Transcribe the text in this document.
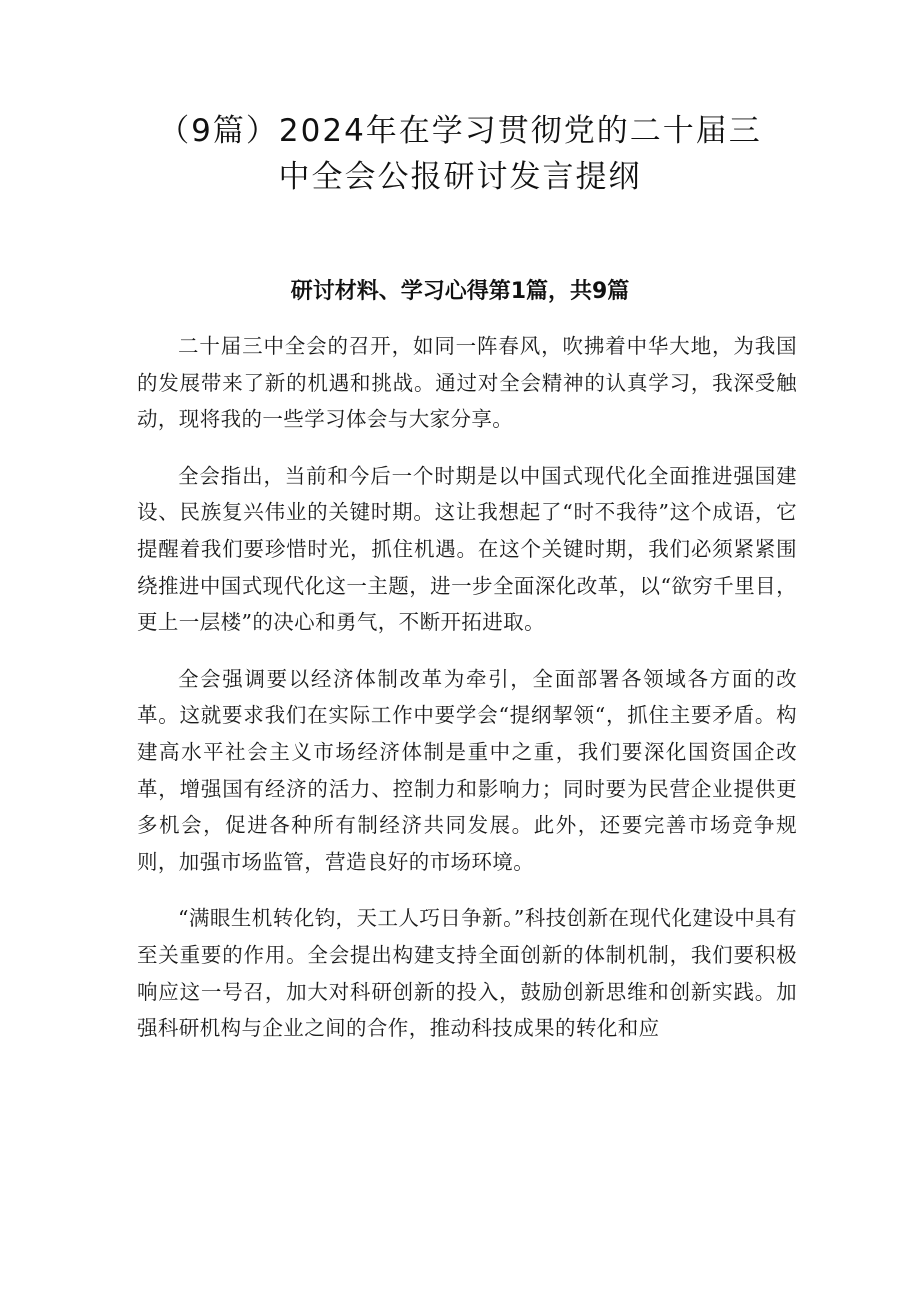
（9篇）2024年在学习贯彻党的二十届三
中全会公报研讨发言提纲
研讨材料、学习心得第1篇，共9篇

二十届三中全会的召开，如同一阵春风，吹拂着中华大地，为我国的发展带来了新的机遇和挑战。通过对全会精神的认真学习，我深受触动，现将我的一些学习体会与大家分享。

全会指出，当前和今后一个时期是以中国式现代化全面推进强国建设、民族复兴伟业的关键时期。这让我想起了“时不我待”这个成语，它提醒着我们要珍惜时光，抓住机遇。在这个关键时期，我们必须紧紧围绕推进中国式现代化这一主题，进一步全面深化改革，以“欲穷千里目，更上一层楼”的决心和勇气，不断开拓进取。

全会强调要以经济体制改革为牵引，全面部署各领域各方面的改革。这就要求我们在实际工作中要学会“提纲挈领“，抓住主要矛盾。构建高水平社会主义市场经济体制是重中之重，我们要深化国资国企改革，增强国有经济的活力、控制力和影响力；同时要为民营企业提供更多机会，促进各种所有制经济共同发展。此外，还要完善市场竞争规则，加强市场监管，营造良好的市场环境。

“满眼生机转化钧，天工人巧日争新。”科技创新在现代化建设中具有至关重要的作用。全会提出构建支持全面创新的体制机制，我们要积极响应这一号召，加大对科研创新的投入，鼓励创新思维和创新实践。加强科研机构与企业之间的合作，推动科技成果的转化和应
